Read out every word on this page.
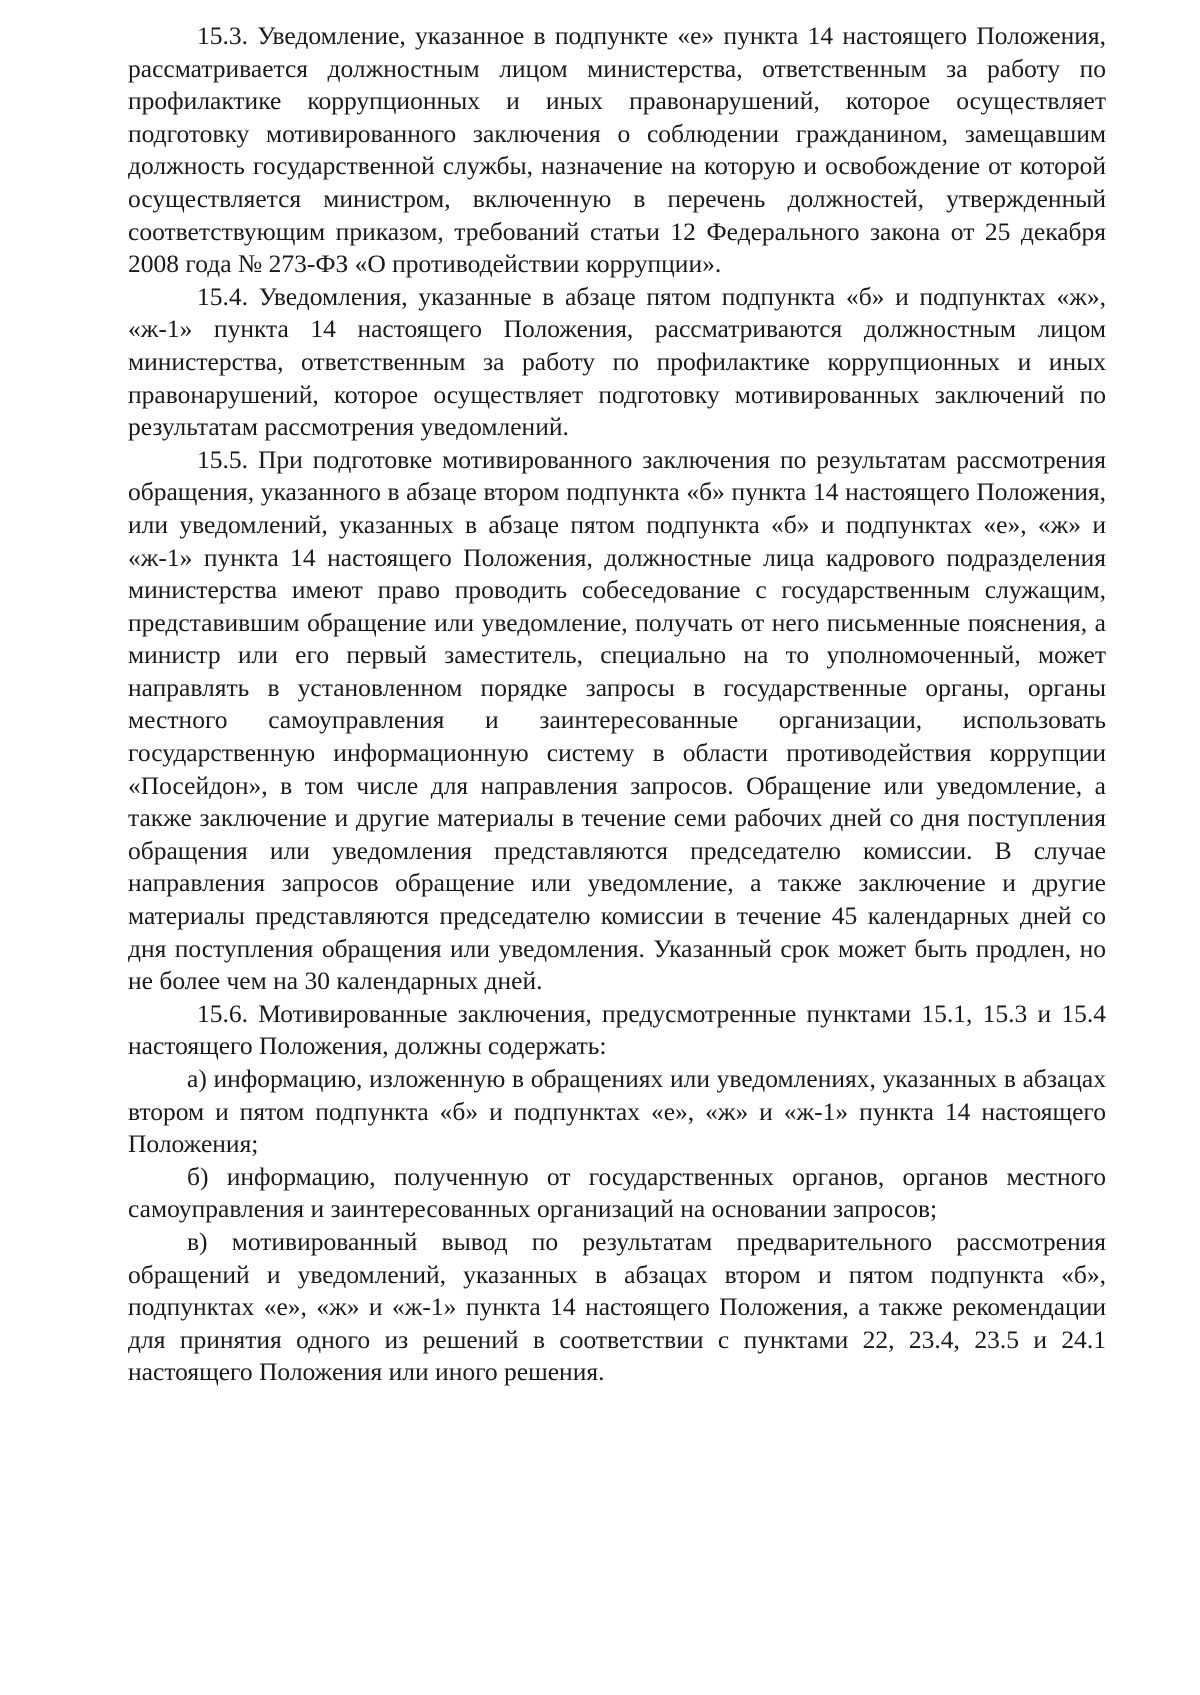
15.3. Уведомление, указанное в подпункте «е» пункта 14 настоящего Положения, рассматривается должностным лицом министерства, ответственным за работу по профилактике коррупционных и иных правонарушений, которое осуществляет подготовку мотивированного заключения о соблюдении гражданином, замещавшим должность государственной службы, назначение на которую и освобождение от которой осуществляется министром, включенную в перечень должностей, утвержденный соответствующим приказом, требований статьи 12 Федерального закона от 25 декабря 2008 года № 273-ФЗ «О противодействии коррупции».

15.4. Уведомления, указанные в абзаце пятом подпункта «б» и подпунктах «ж», «ж-1» пункта 14 настоящего Положения, рассматриваются должностным лицом министерства, ответственным за работу по профилактике коррупционных и иных правонарушений, которое осуществляет подготовку мотивированных заключений по результатам рассмотрения уведомлений.

15.5. При подготовке мотивированного заключения по результатам рассмотрения обращения, указанного в абзаце втором подпункта «б» пункта 14 настоящего Положения, или уведомлений, указанных в абзаце пятом подпункта «б» и подпунктах «е», «ж» и «ж-1» пункта 14 настоящего Положения, должностные лица кадрового подразделения министерства имеют право проводить собеседование с государственным служащим, представившим обращение или уведомление, получать от него письменные пояснения, а министр или его первый заместитель, специально на то уполномоченный, может направлять в установленном порядке запросы в государственные органы, органы местного самоуправления и заинтересованные организации, использовать государственную информационную систему в области противодействия коррупции «Посейдон», в том числе для направления запросов. Обращение или уведомление, а также заключение и другие материалы в течение семи рабочих дней со дня поступления обращения или уведомления представляются председателю комиссии. В случае направления запросов обращение или уведомление, а также заключение и другие материалы представляются председателю комиссии в течение 45 календарных дней со дня поступления обращения или уведомления. Указанный срок может быть продлен, но не более чем на 30 календарных дней.

15.6. Мотивированные заключения, предусмотренные пунктами 15.1, 15.3 и 15.4 настоящего Положения, должны содержать:

а) информацию, изложенную в обращениях или уведомлениях, указанных в абзацах втором и пятом подпункта «б» и подпунктах «е», «ж» и «ж-1» пункта 14 настоящего Положения;

б) информацию, полученную от государственных органов, органов местного самоуправления и заинтересованных организаций на основании запросов;

в) мотивированный вывод по результатам предварительного рассмотрения обращений и уведомлений, указанных в абзацах втором и пятом подпункта «б», подпунктах «е», «ж» и «ж-1» пункта 14 настоящего Положения, а также рекомендации для принятия одного из решений в соответствии с пунктами 22, 23.4, 23.5 и 24.1 настоящего Положения или иного решения.
